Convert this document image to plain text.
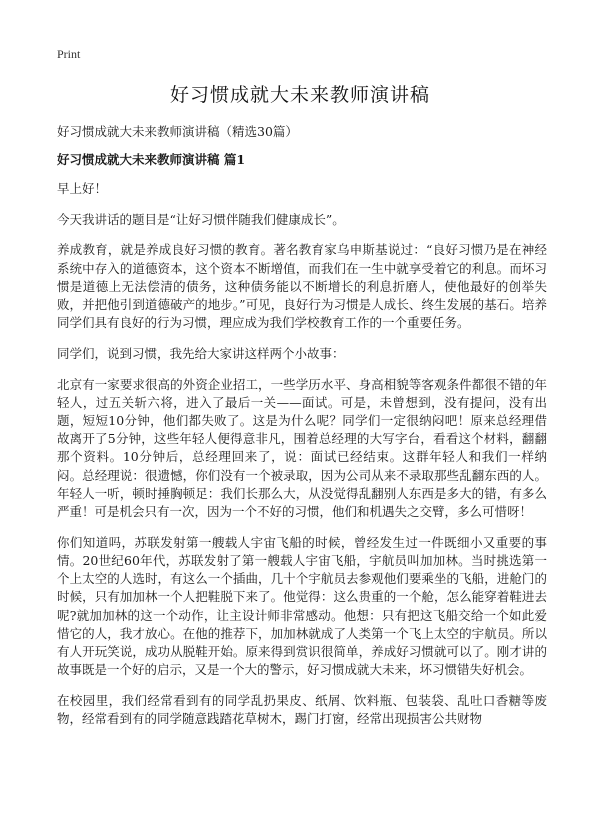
Print
好习惯成就大未来教师演讲稿
好习惯成就大未来教师演讲稿（精选30篇）
好习惯成就大未来教师演讲稿 篇1

早上好！

今天我讲话的题目是“让好习惯伴随我们健康成长”。

养成教育，就是养成良好习惯的教育。著名教育家乌申斯基说过：“良好习惯乃是在神经系统中存入的道德资本，这个资本不断增值，而我们在一生中就享受着它的利息。而坏习惯是道德上无法偿清的债务，这种债务能以不断增长的利息折磨人，使他最好的创举失败，并把他引到道德破产的地步。”可见，良好行为习惯是人成长、终生发展的基石。培养同学们具有良好的行为习惯，理应成为我们学校教育工作的一个重要任务。

同学们，说到习惯，我先给大家讲这样两个小故事：

北京有一家要求很高的外资企业招工，一些学历水平、身高相貌等客观条件都很不错的年轻人，过五关斩六将，进入了最后一关——面试。可是，未曾想到，没有提问，没有出题，短短10分钟，他们都失败了。这是为什么呢？同学们一定很纳闷吧！原来总经理借故离开了5分钟，这些年轻人便得意非凡，围着总经理的大写字台，看看这个材料，翻翻那个资料。10分钟后，总经理回来了，说：面试已经结束。这群年轻人和我们一样纳闷。总经理说：很遗憾，你们没有一个被录取，因为公司从来不录取那些乱翻东西的人。年轻人一听，顿时捶胸顿足：我们长那么大，从没觉得乱翻别人东西是多大的错，有多么严重！可是机会只有一次，因为一个不好的习惯，他们和机遇失之交臂，多么可惜呀！

你们知道吗，苏联发射第一艘载人宇宙飞船的时候，曾经发生过一件既细小又重要的事情。20世纪60年代，苏联发射了第一艘载人宇宙飞船，宇航员叫加加林。当时挑选第一个上太空的人选时，有这么一个插曲，几十个宇航员去参观他们要乘坐的飞船，进舱门的时候，只有加加林一个人把鞋脱下来了。他觉得：这么贵重的一个舱，怎么能穿着鞋进去呢?就加加林的这一个动作，让主设计师非常感动。他想：只有把这飞船交给一个如此爱惜它的人，我才放心。在他的推荐下，加加林就成了人类第一个飞上太空的宇航员。所以有人开玩笑说，成功从脱鞋开始。原来得到赏识很简单，养成好习惯就可以了。刚才讲的故事既是一个好的启示，又是一个大的警示，好习惯成就大未来，坏习惯错失好机会。

在校园里，我们经常看到有的同学乱扔果皮、纸屑、饮料瓶、包装袋、乱吐口香糖等废物，经常看到有的同学随意践踏花草树木，踢门打窗，经常出现损害公共财物
